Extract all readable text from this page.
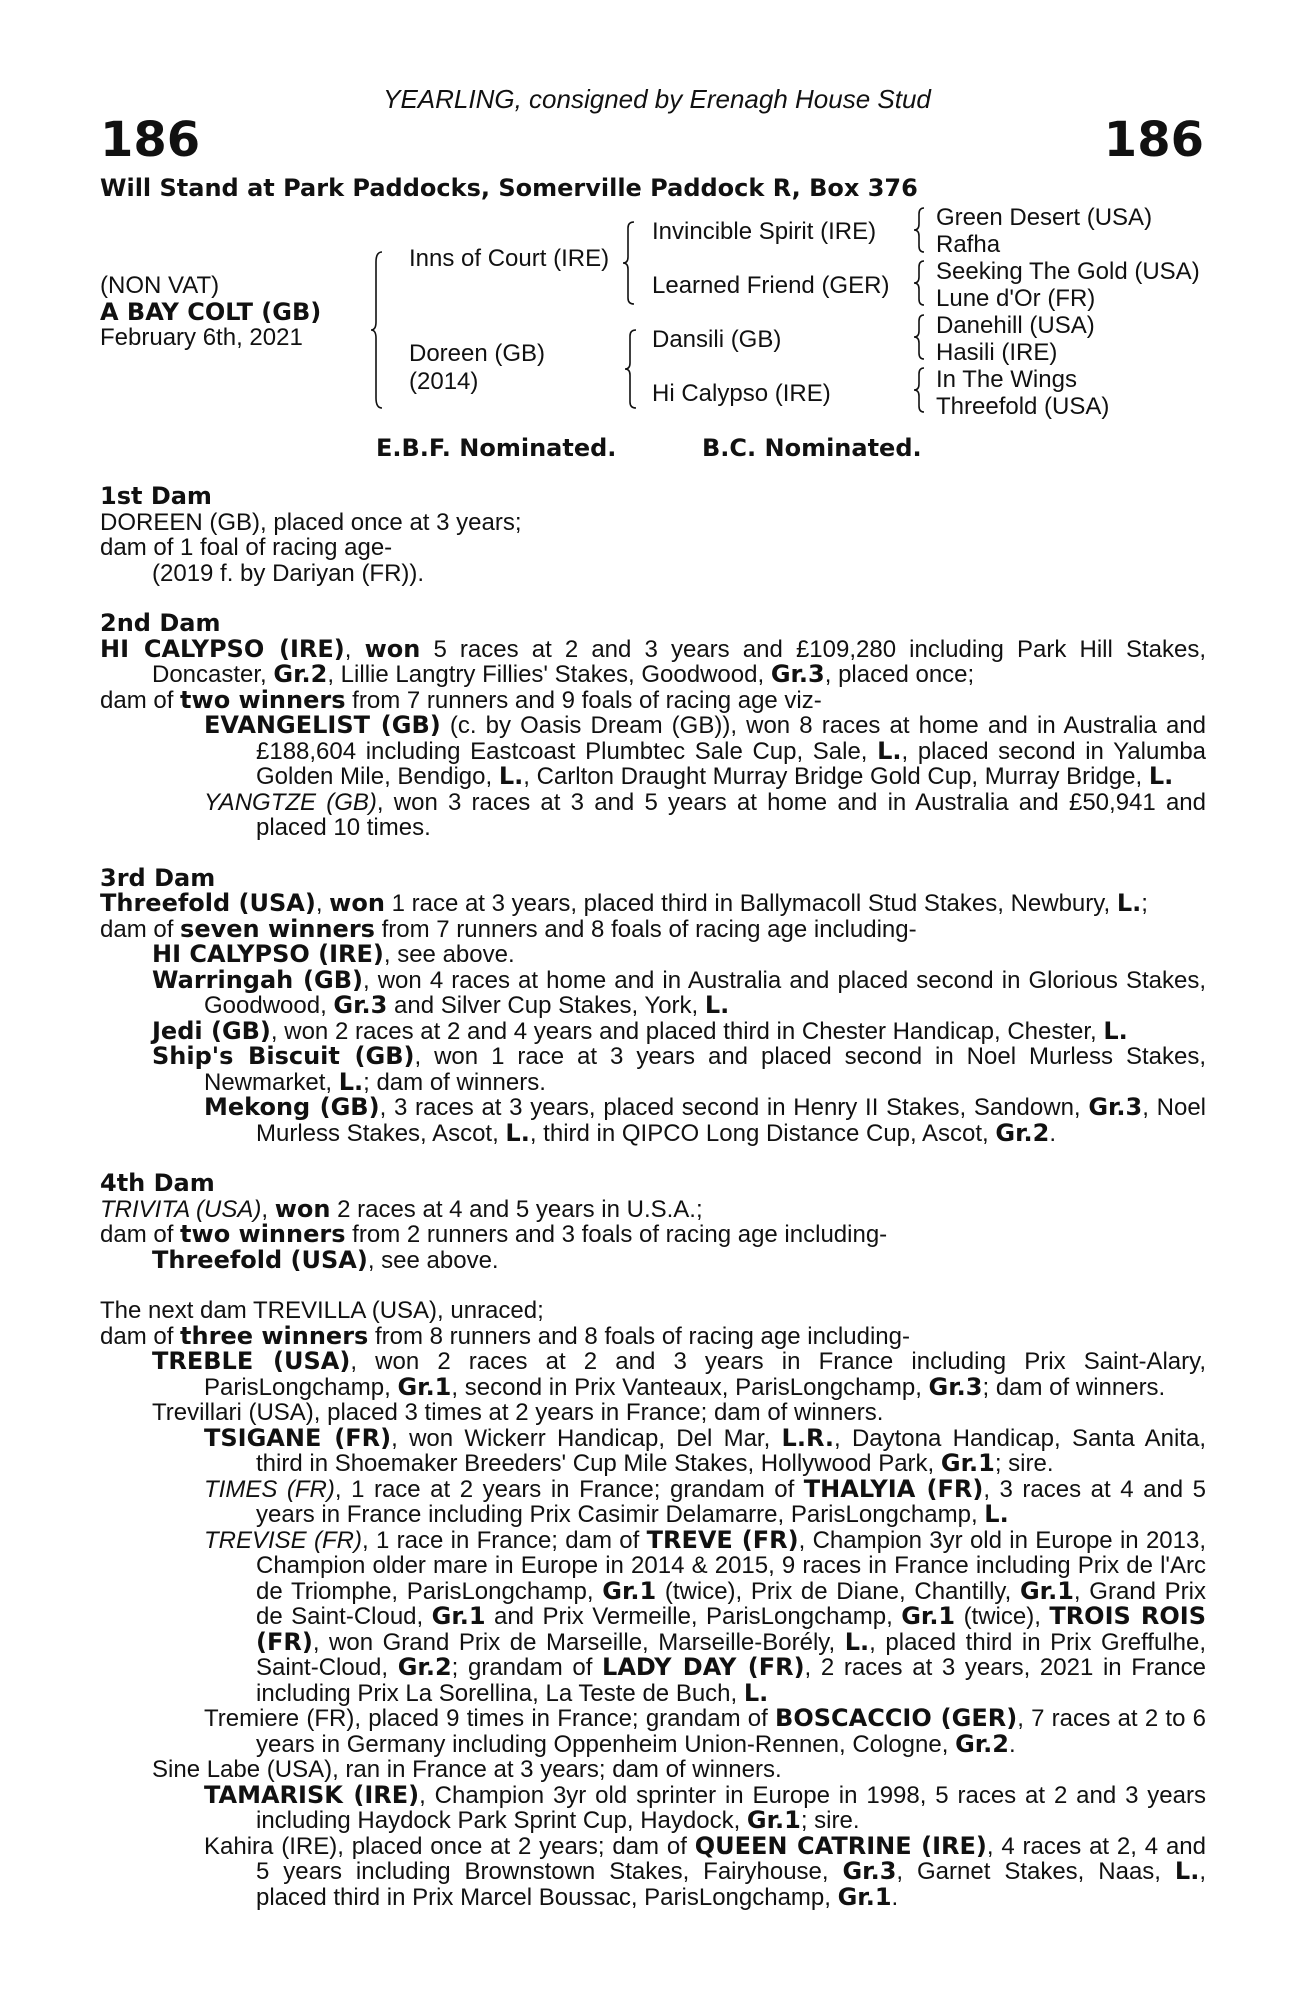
YEARLING, consigned by Erenagh House Stud
186	186
Will Stand at Park Paddocks, Somerville Paddock R, Box 376
(NON VAT)
A BAY COLT (GB)
February 6th, 2021
Inns of Court (IRE)
Doreen (GB)
(2014)
Invincible Spirit (IRE)
Learned Friend (GER)
Dansili (GB)
Hi Calypso (IRE)
Green Desert (USA)
Rafha
Seeking The Gold (USA)
Lune d'Or (FR)
Danehill (USA)
Hasili (IRE)
In The Wings
Threefold (USA)
E.B.F. Nominated.	B.C. Nominated.
1st Dam
DOREEN (GB), placed once at 3 years;
dam of 1 foal of racing age-
(2019 f. by Dariyan (FR)).
2nd Dam
HI CALYPSO (IRE), won 5 races at 2 and 3 years and £109,280 including Park Hill Stakes, Doncaster, Gr.2, Lillie Langtry Fillies' Stakes, Goodwood, Gr.3, placed once;
dam of two winners from 7 runners and 9 foals of racing age viz-
EVANGELIST (GB) (c. by Oasis Dream (GB)), won 8 races at home and in Australia and £188,604 including Eastcoast Plumbtec Sale Cup, Sale, L., placed second in Yalumba Golden Mile, Bendigo, L., Carlton Draught Murray Bridge Gold Cup, Murray Bridge, L.
YANGTZE (GB), won 3 races at 3 and 5 years at home and in Australia and £50,941 and placed 10 times.
3rd Dam
Threefold (USA), won 1 race at 3 years, placed third in Ballymacoll Stud Stakes, Newbury, L.;
dam of seven winners from 7 runners and 8 foals of racing age including-
HI CALYPSO (IRE), see above.
Warringah (GB), won 4 races at home and in Australia and placed second in Glorious Stakes, Goodwood, Gr.3 and Silver Cup Stakes, York, L.
Jedi (GB), won 2 races at 2 and 4 years and placed third in Chester Handicap, Chester, L.
Ship's Biscuit (GB), won 1 race at 3 years and placed second in Noel Murless Stakes, Newmarket, L.; dam of winners.
Mekong (GB), 3 races at 3 years, placed second in Henry II Stakes, Sandown, Gr.3, Noel Murless Stakes, Ascot, L., third in QIPCO Long Distance Cup, Ascot, Gr.2.
4th Dam
TRIVITA (USA), won 2 races at 4 and 5 years in U.S.A.;
dam of two winners from 2 runners and 3 foals of racing age including-
Threefold (USA), see above.
The next dam TREVILLA (USA), unraced;
dam of three winners from 8 runners and 8 foals of racing age including-
TREBLE (USA), won 2 races at 2 and 3 years in France including Prix Saint-Alary, ParisLongchamp, Gr.1, second in Prix Vanteaux, ParisLongchamp, Gr.3; dam of winners.
Trevillari (USA), placed 3 times at 2 years in France; dam of winners.
TSIGANE (FR), won Wickerr Handicap, Del Mar, L.R., Daytona Handicap, Santa Anita, third in Shoemaker Breeders' Cup Mile Stakes, Hollywood Park, Gr.1; sire.
TIMES (FR), 1 race at 2 years in France; grandam of THALYIA (FR), 3 races at 4 and 5 years in France including Prix Casimir Delamarre, ParisLongchamp, L.
TREVISE (FR), 1 race in France; dam of TREVE (FR), Champion 3yr old in Europe in 2013, Champion older mare in Europe in 2014 & 2015, 9 races in France including Prix de l'Arc de Triomphe, ParisLongchamp, Gr.1 (twice), Prix de Diane, Chantilly, Gr.1, Grand Prix de Saint-Cloud, Gr.1 and Prix Vermeille, ParisLongchamp, Gr.1 (twice), TROIS ROIS (FR), won Grand Prix de Marseille, Marseille-Borély, L., placed third in Prix Greffulhe, Saint-Cloud, Gr.2; grandam of LADY DAY (FR), 2 races at 3 years, 2021 in France including Prix La Sorellina, La Teste de Buch, L.
Tremiere (FR), placed 9 times in France; grandam of BOSCACCIO (GER), 7 races at 2 to 6 years in Germany including Oppenheim Union-Rennen, Cologne, Gr.2.
Sine Labe (USA), ran in France at 3 years; dam of winners.
TAMARISK (IRE), Champion 3yr old sprinter in Europe in 1998, 5 races at 2 and 3 years including Haydock Park Sprint Cup, Haydock, Gr.1; sire.
Kahira (IRE), placed once at 2 years; dam of QUEEN CATRINE (IRE), 4 races at 2, 4 and 5 years including Brownstown Stakes, Fairyhouse, Gr.3, Garnet Stakes, Naas, L., placed third in Prix Marcel Boussac, ParisLongchamp, Gr.1.
